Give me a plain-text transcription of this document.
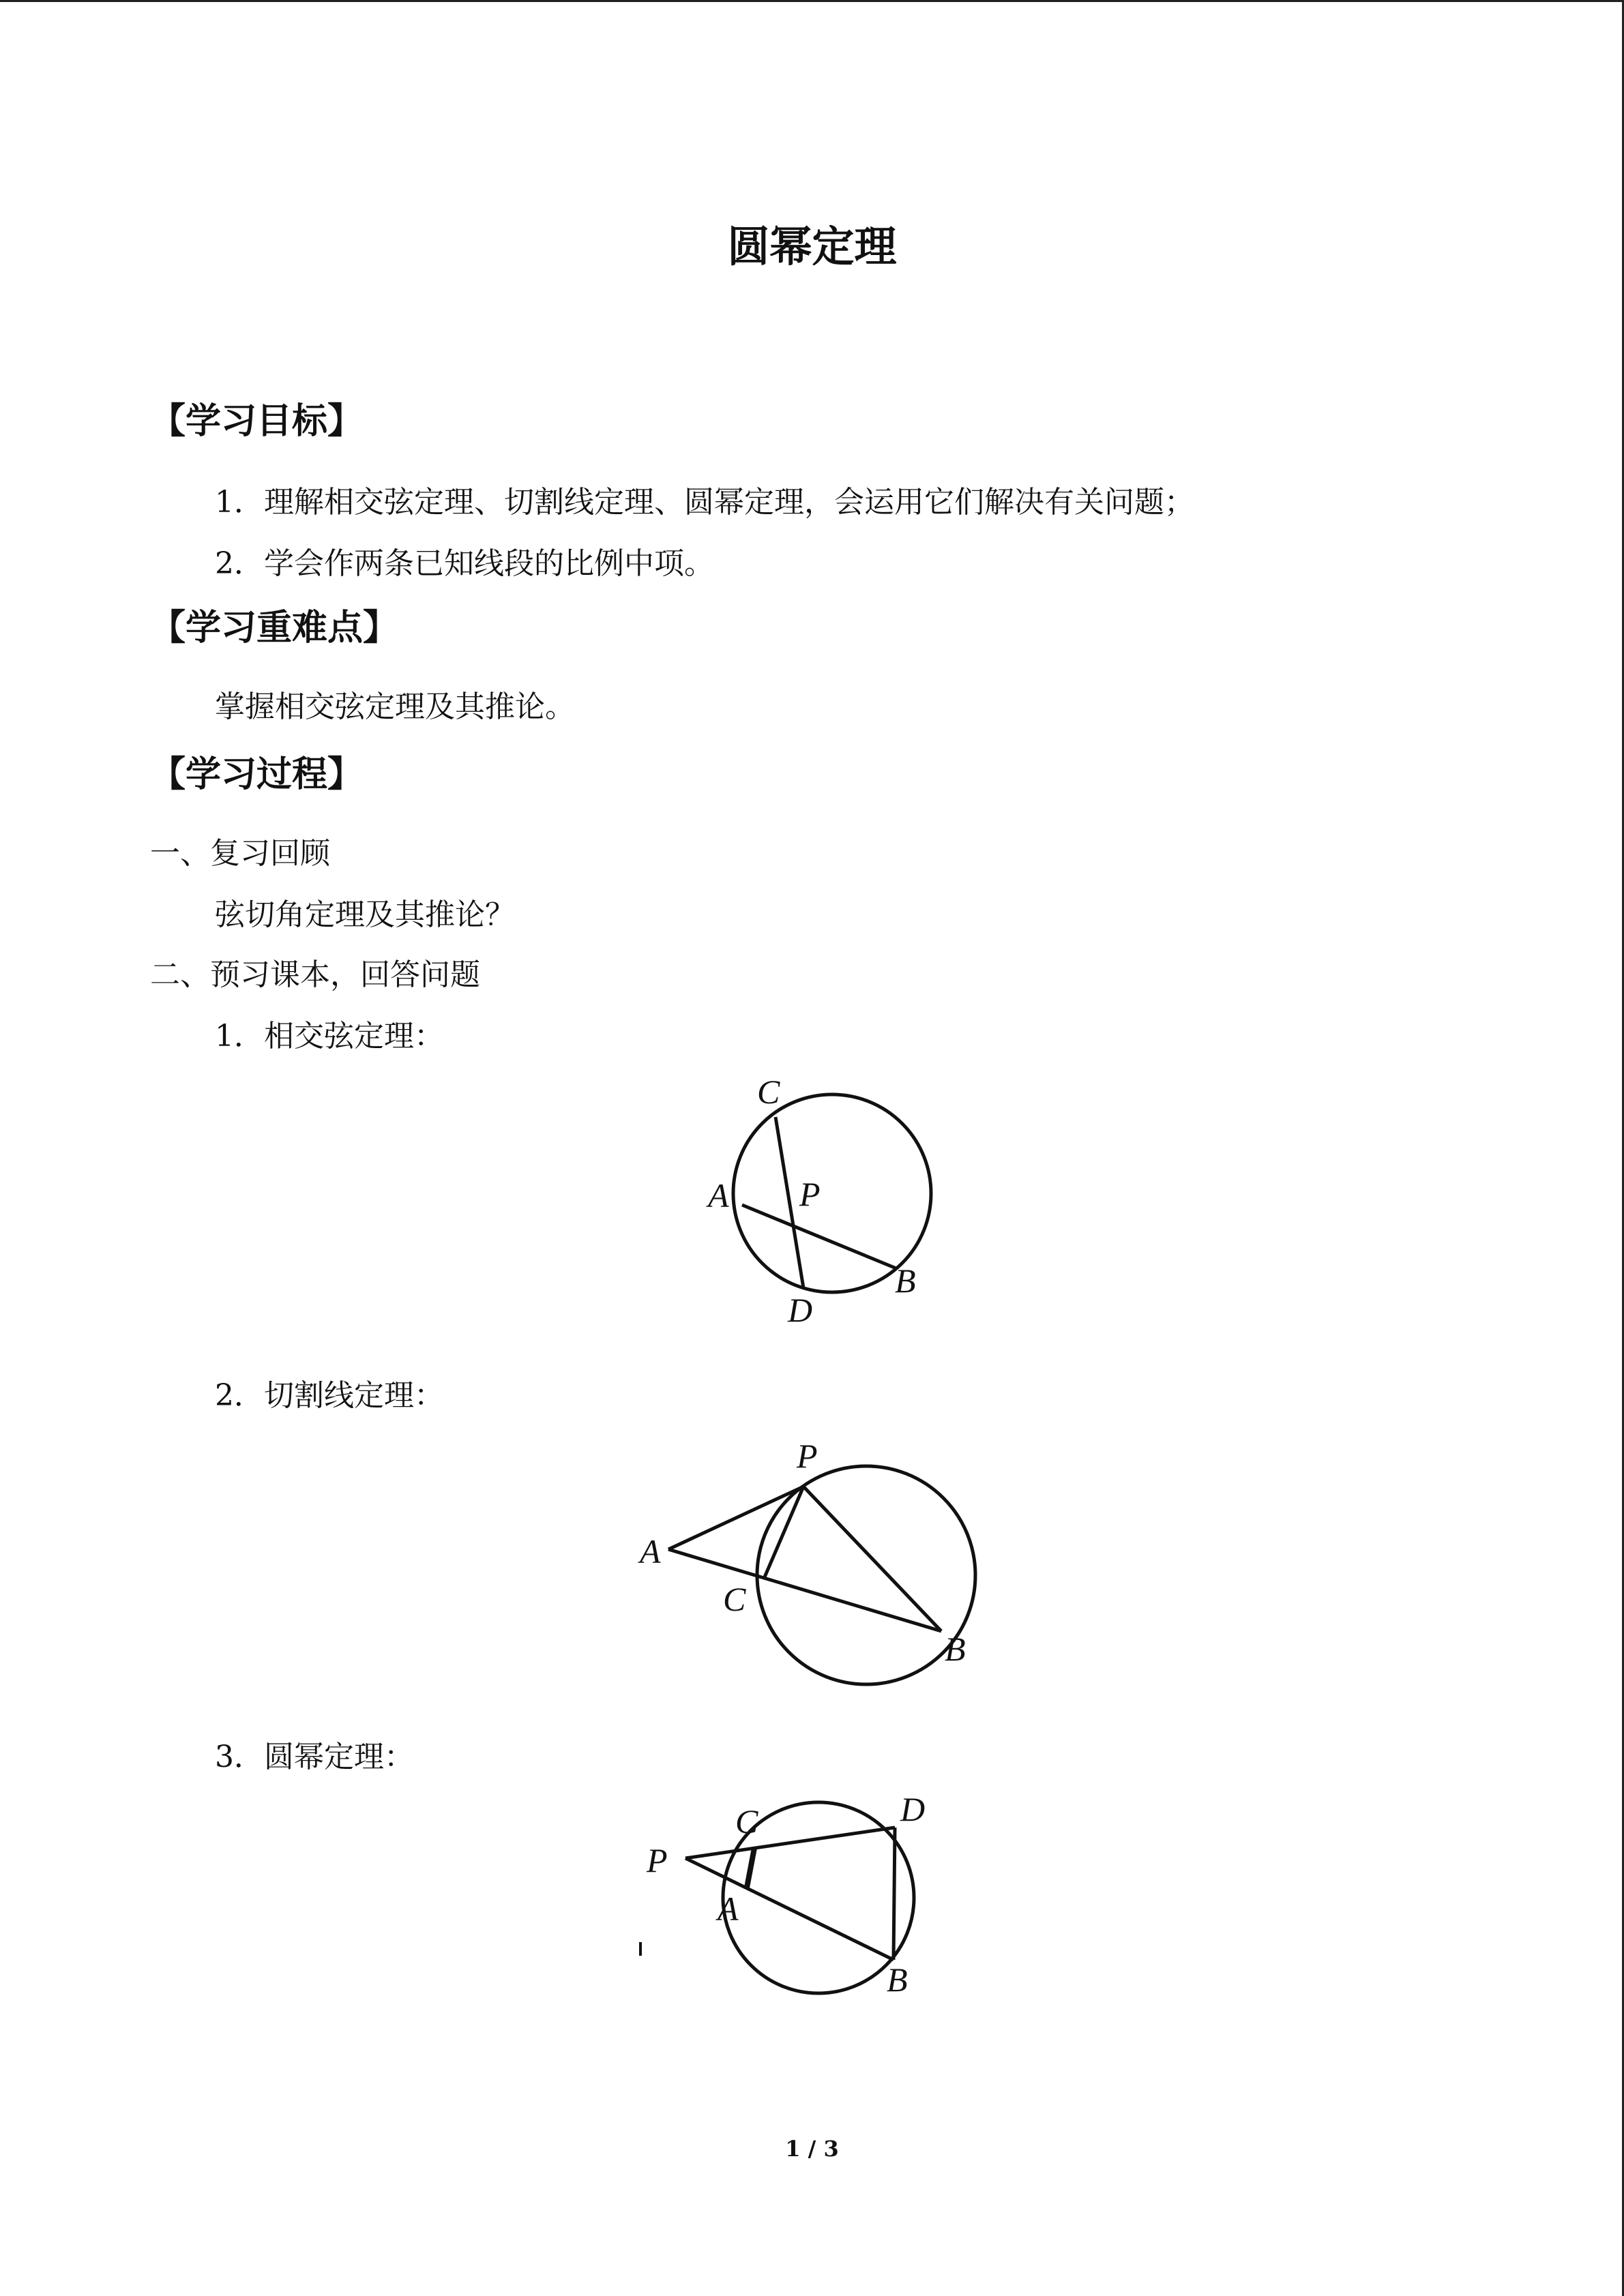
圆幂定理
【学习目标】
1．理解相交弦定理、切割线定理、圆幂定理，会运用它们解决有关问题；
2．学会作两条已知线段的比例中项。
【学习重难点】
掌握相交弦定理及其推论。
【学习过程】
一、复习回顾
弦切角定理及其推论？
二、预习课本，回答问题
1．相交弦定理：
C
A P
D
B
2．切割线定理：
P
A
C
B
3．圆幂定理：
C	D
P
A
B
1 / 3
